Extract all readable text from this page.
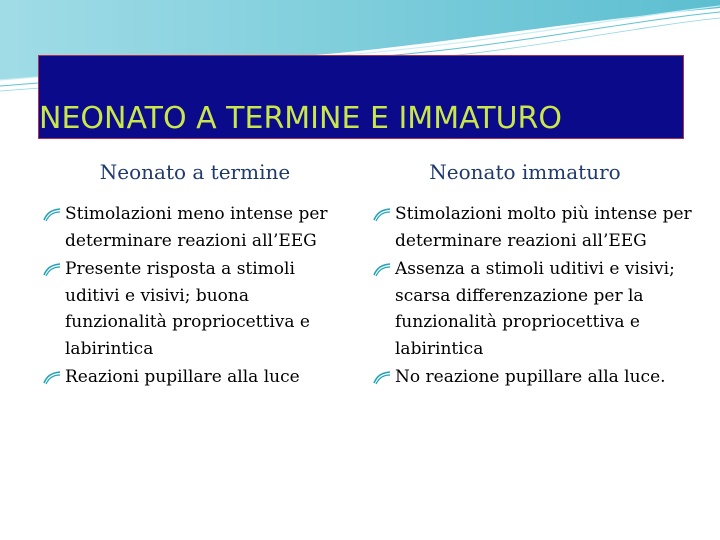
NEONATO A TERMINE E IMMATURO
Neonato a termine	Neonato immaturo
Stimolazioni meno intense per determinare reazioni all’EEG
Presente risposta a stimoli uditivi e visivi; buona funzionalità propriocettiva e labirintica
Reazioni pupillare alla luce
Stimolazioni molto più intense per determinare reazioni all’EEG
Assenza a stimoli uditivi e visivi; scarsa differenzazione per la funzionalità propriocettiva e labirintica
No reazione pupillare alla luce.
